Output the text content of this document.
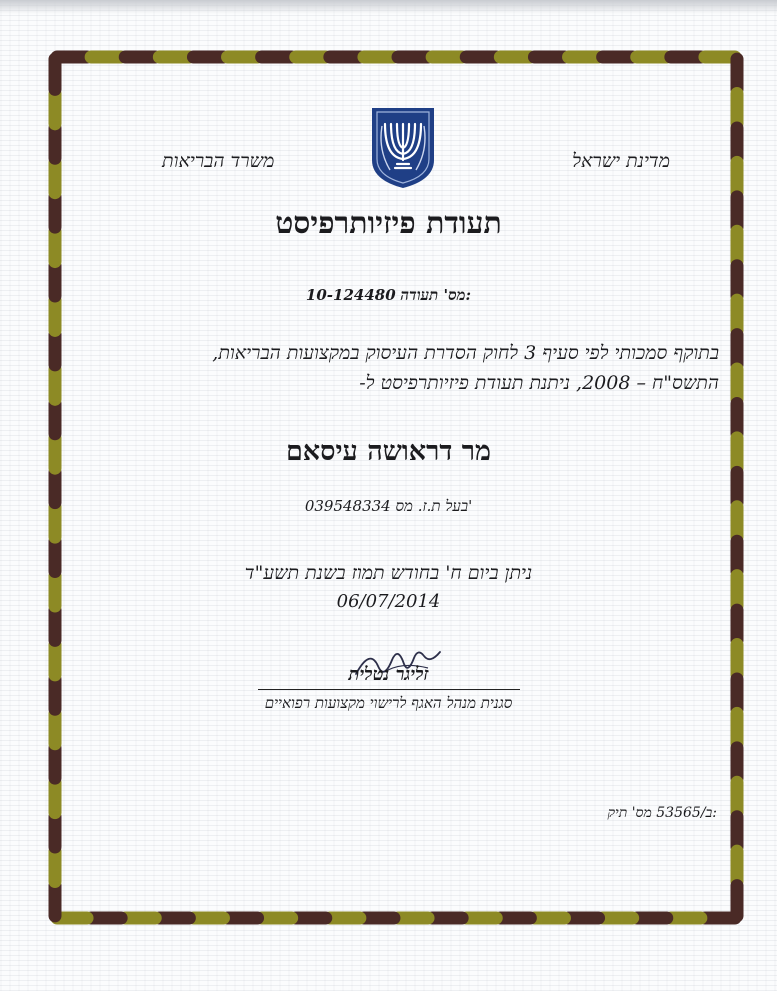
מדינת ישראל
משרד הבריאות
תעודת פיזיותרפיסט
10-124480 מס' תעודה:
בתוקף סמכותי לפי סעיף 3 לחוק הסדרת העיסוק במקצועות הבריאות,
התשס"ח – 2008, ניתנת תעודת פיזיותרפיסט ל-
מר דראושה עיסאם
039548334 בעל ת.ז. מס'
ניתן ביום ח' בחודש תמוז בשנת תשע"ד
06/07/2014
זליגר נטלית
סגנית מנהל האגף לרישוי מקצועות רפואיים
ב/53565 מס' תיק:
